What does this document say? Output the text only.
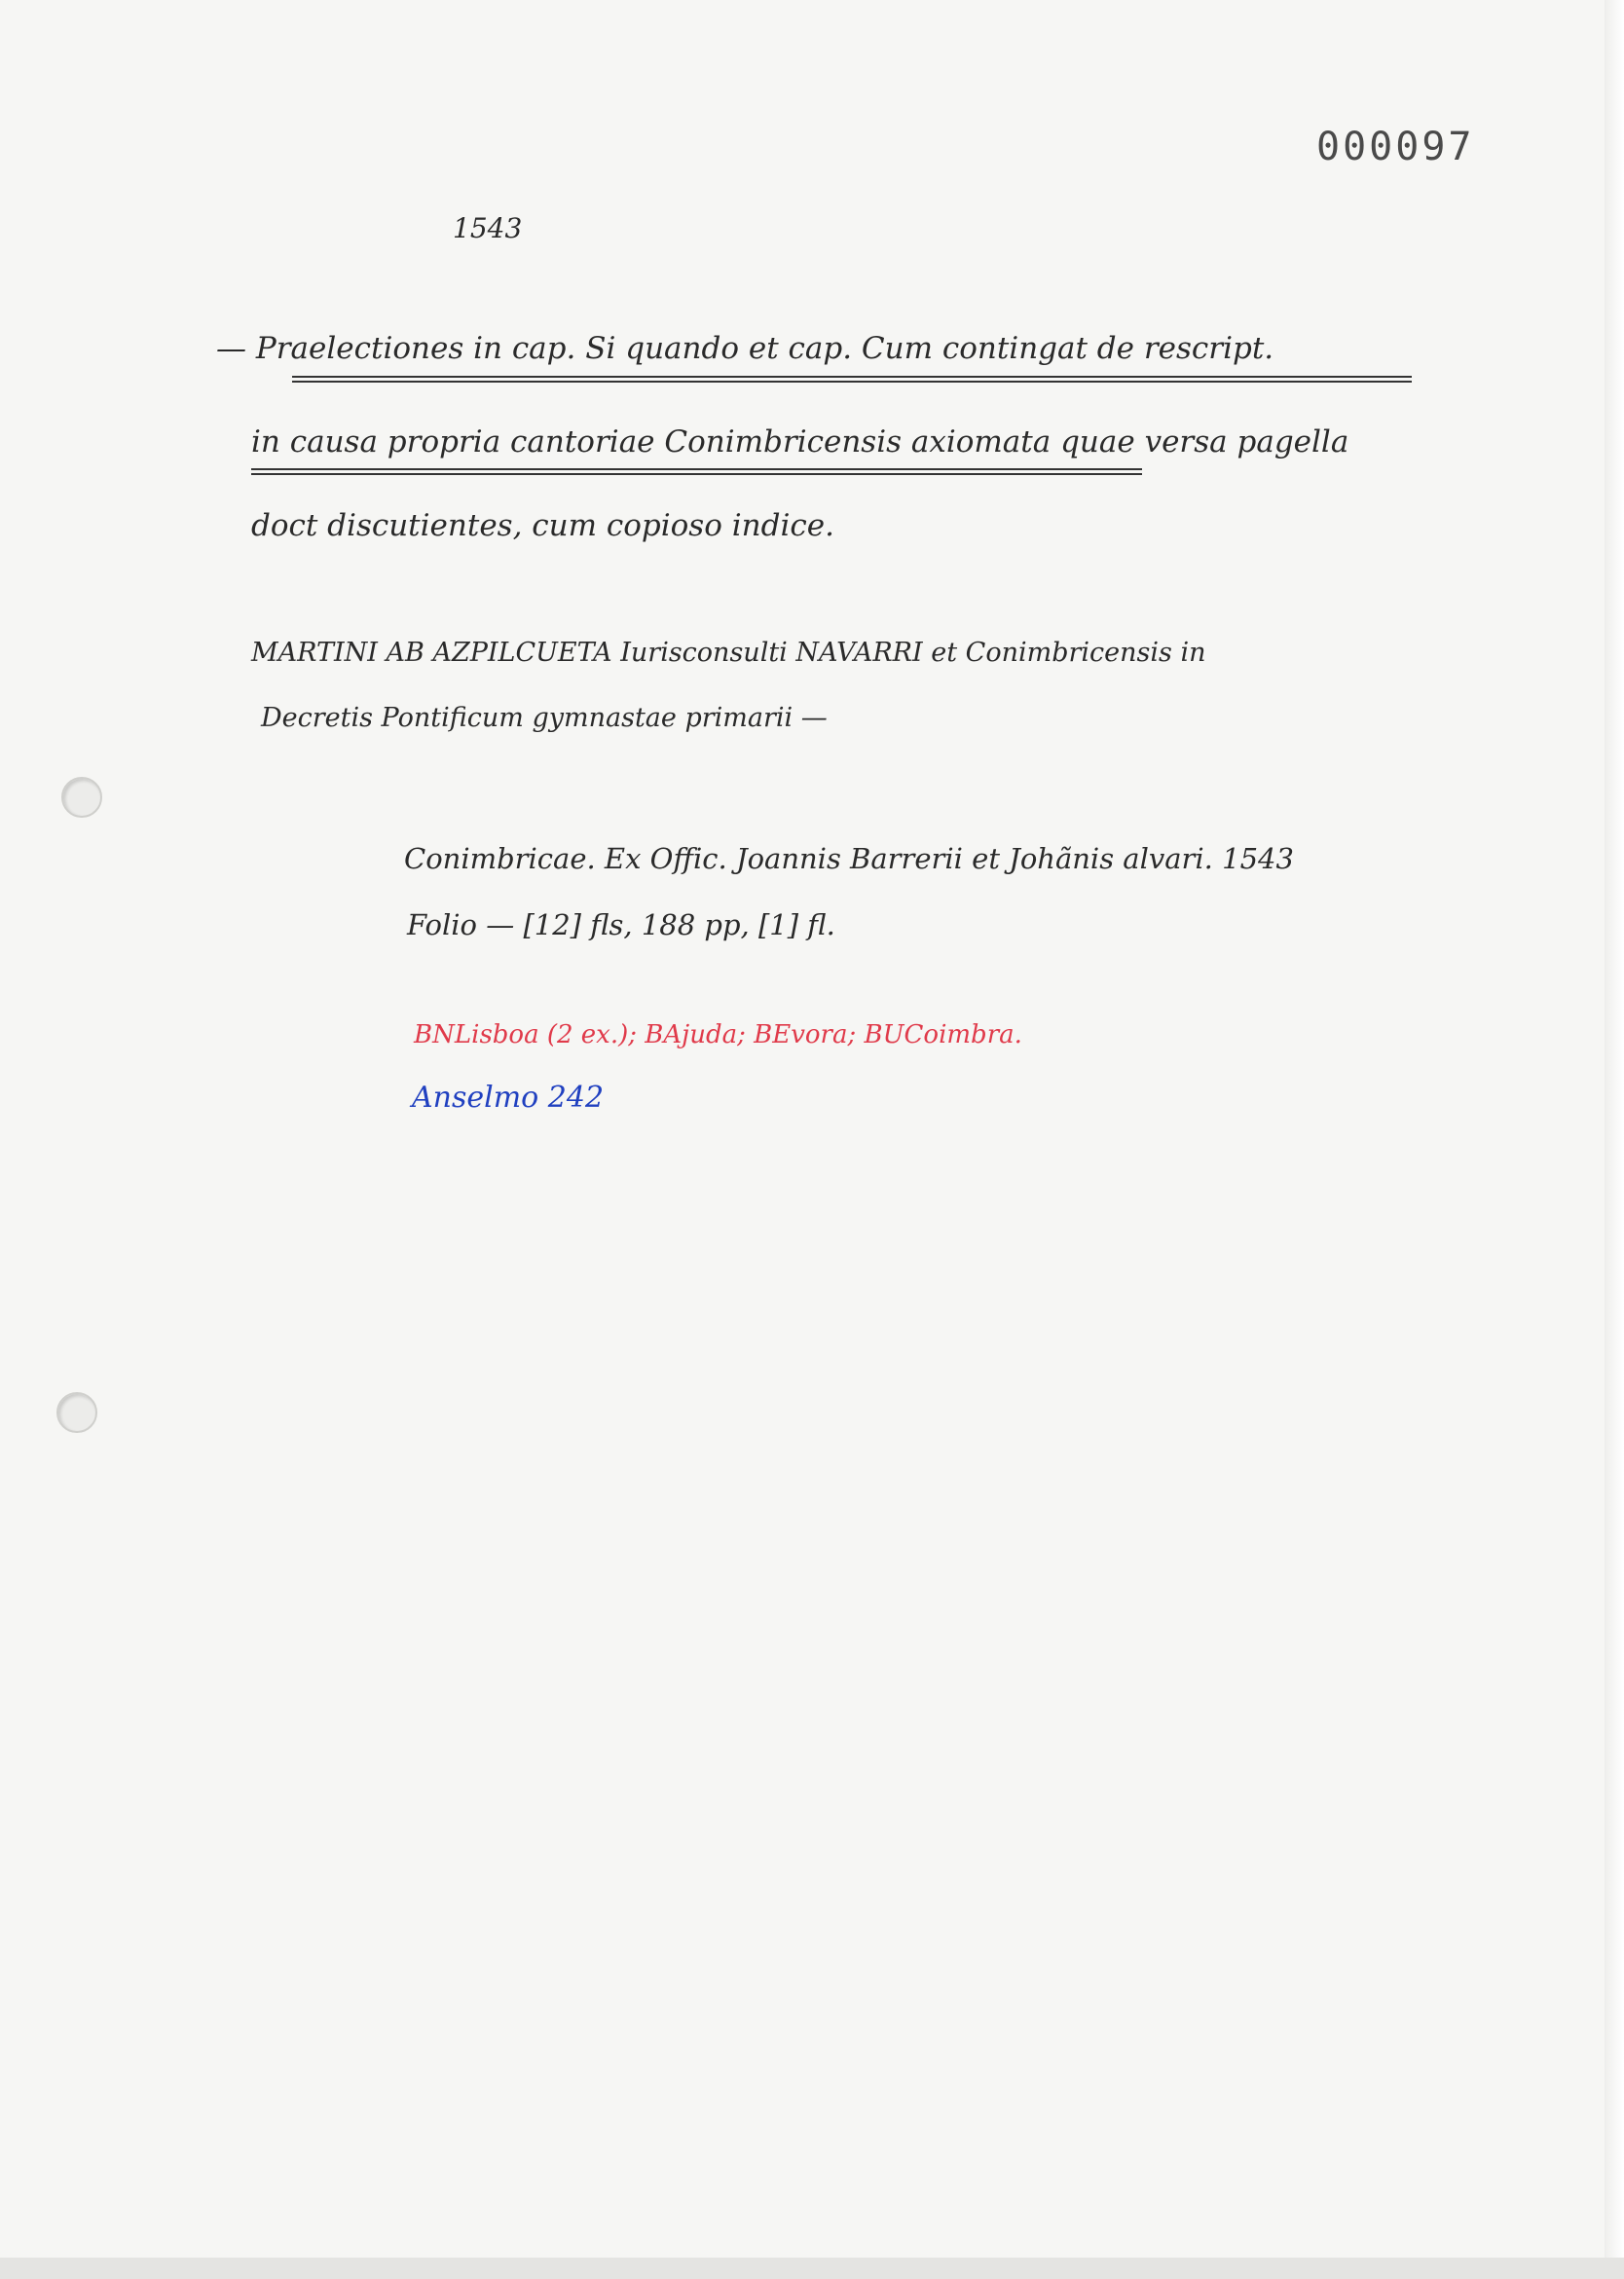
000097
1543
— Praelectiones in cap. Si quando et cap. Cum contingat de rescript.
in causa propria cantoriae Conimbricensis axiomata quae versa pagella
doct discutientes, cum copioso indice.
MARTINI AB AZPILCUETA Iurisconsulti NAVARRI et Conimbricensis in
Decretis Pontificum gymnastae primarii —
Conimbricae. Ex Offic. Joannis Barrerii et Johãnis alvari. 1543
Folio — [12] fls, 188 pp, [1] fl.
BNLisboa (2 ex.); BAjuda; BEvora; BUCoimbra.
Anselmo 242
